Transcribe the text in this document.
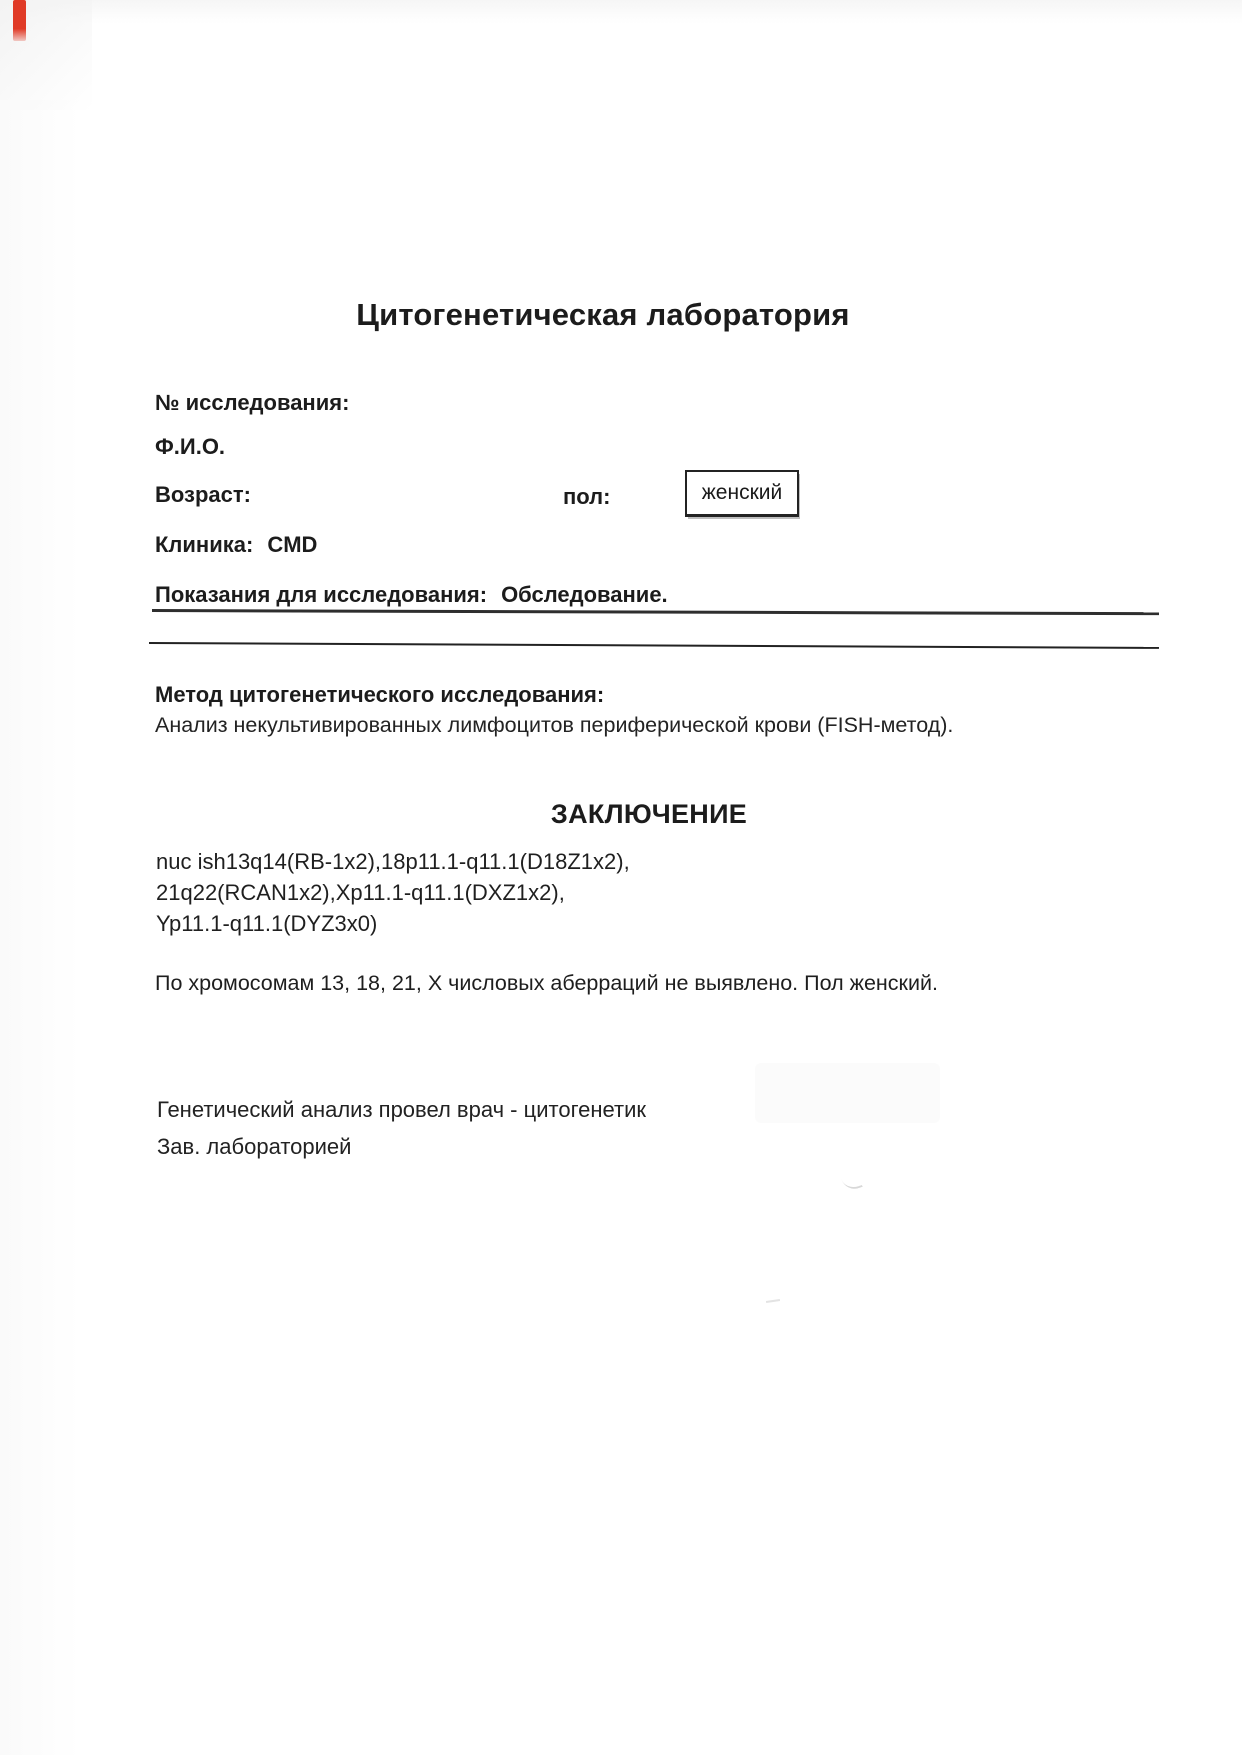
Цитогенетическая лаборатория
№ исследования:
Ф.И.О.
Возраст:	пол:	женский
Клиника: CMD
Показания для исследования: Обследование.
Метод цитогенетического исследования:
Анализ некультивированных лимфоцитов периферической крови (FISH-метод).
ЗАКЛЮЧЕНИЕ
nuc ish13q14(RB-1x2),18p11.1-q11.1(D18Z1x2),
21q22(RCAN1x2),Xp11.1-q11.1(DXZ1x2),
Yp11.1-q11.1(DYZ3x0)
По хромосомам 13, 18, 21, X числовых аберраций не выявлено. Пол женский.
Генетический анализ провел врач - цитогенетик
Зав. лабораторией
